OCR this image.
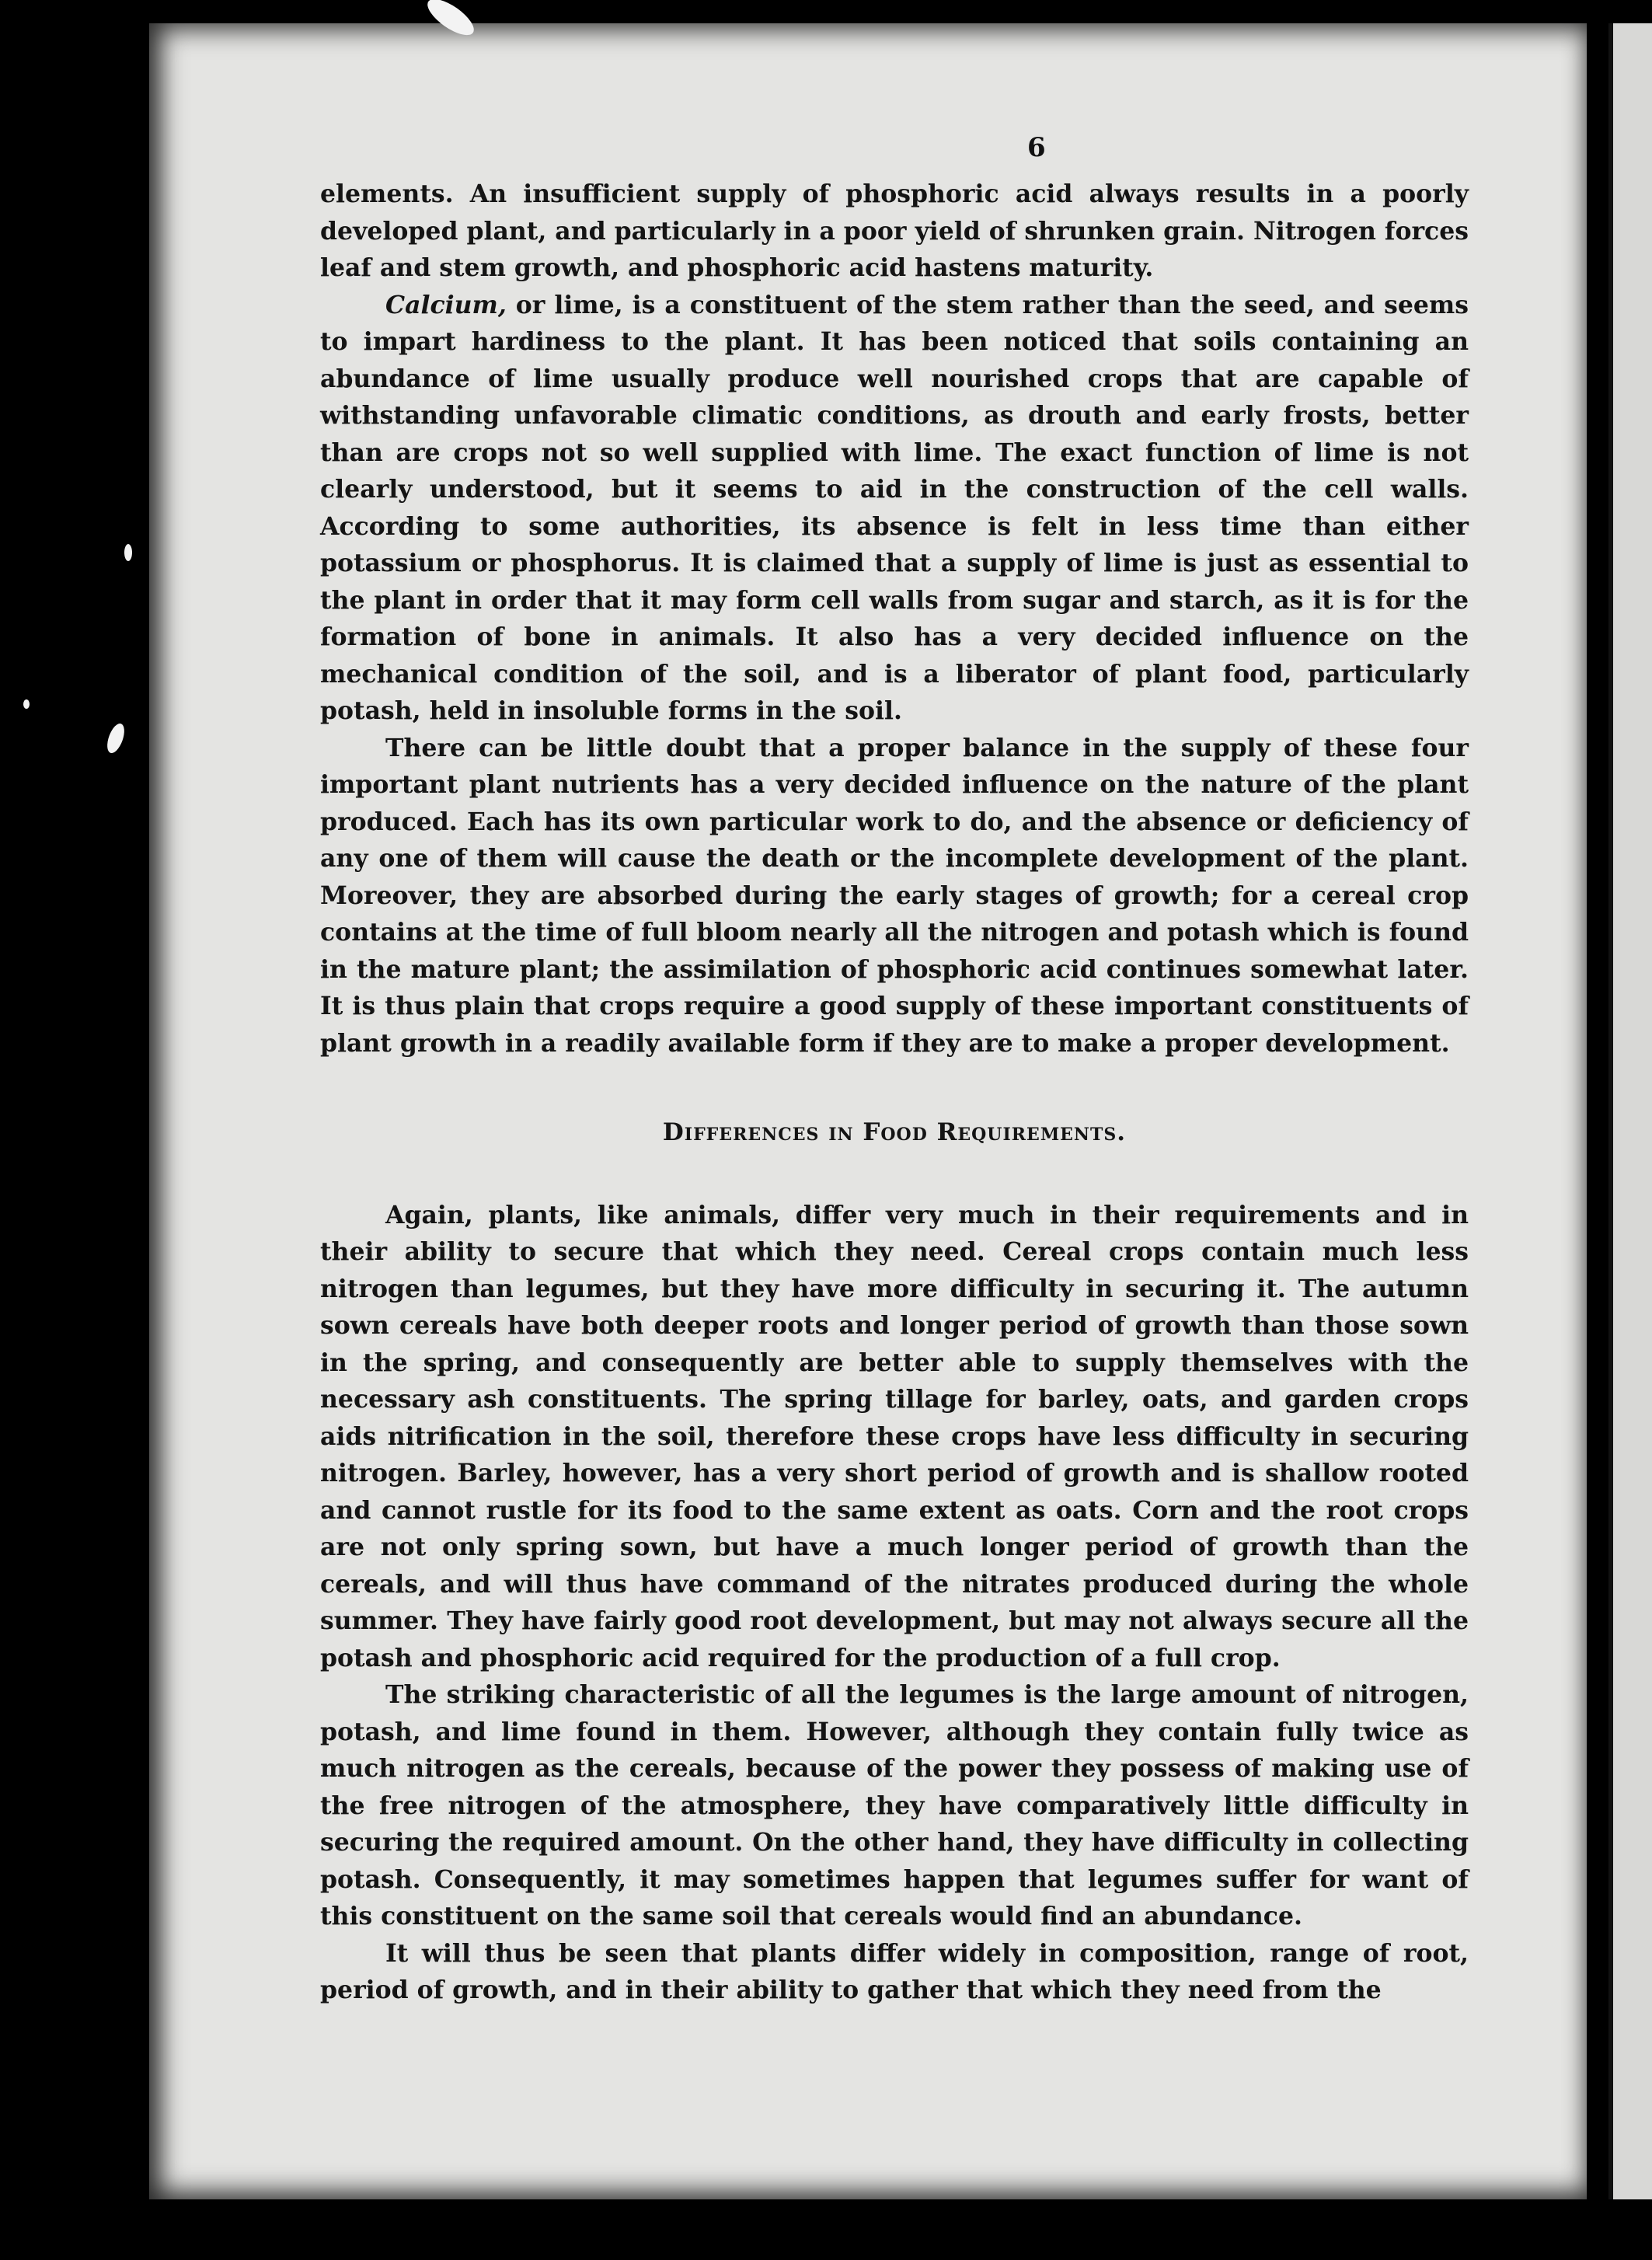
6

elements. An insufficient supply of phosphoric acid always results in a poorly developed plant, and particularly in a poor yield of shrunken grain. Nitrogen forces leaf and stem growth, and phosphoric acid hastens maturity.

Calcium, or lime, is a constituent of the stem rather than the seed, and seems to impart hardiness to the plant. It has been noticed that soils containing an abundance of lime usually produce well nourished crops that are capable of withstanding unfavorable climatic conditions, as drouth and early frosts, better than are crops not so well supplied with lime. The exact function of lime is not clearly understood, but it seems to aid in the construction of the cell walls. According to some authorities, its absence is felt in less time than either potassium or phosphorus. It is claimed that a supply of lime is just as essential to the plant in order that it may form cell walls from sugar and starch, as it is for the formation of bone in animals. It also has a very decided influence on the mechanical condition of the soil, and is a liberator of plant food, particularly potash, held in insoluble forms in the soil.

There can be little doubt that a proper balance in the supply of these four important plant nutrients has a very decided influence on the nature of the plant produced. Each has its own particular work to do, and the absence or deficiency of any one of them will cause the death or the incomplete development of the plant. Moreover, they are absorbed during the early stages of growth; for a cereal crop contains at the time of full bloom nearly all the nitrogen and potash which is found in the mature plant; the assimilation of phosphoric acid continues somewhat later. It is thus plain that crops require a good supply of these important constituents of plant growth in a readily available form if they are to make a proper development.

Differences in Food Requirements.

Again, plants, like animals, differ very much in their requirements and in their ability to secure that which they need. Cereal crops contain much less nitrogen than legumes, but they have more difficulty in securing it. The autumn sown cereals have both deeper roots and longer period of growth than those sown in the spring, and consequently are better able to supply themselves with the necessary ash constituents. The spring tillage for barley, oats, and garden crops aids nitrification in the soil, therefore these crops have less difficulty in securing nitrogen. Barley, however, has a very short period of growth and is shallow rooted and cannot rustle for its food to the same extent as oats. Corn and the root crops are not only spring sown, but have a much longer period of growth than the cereals, and will thus have command of the nitrates produced during the whole summer. They have fairly good root development, but may not always secure all the potash and phosphoric acid required for the production of a full crop.

The striking characteristic of all the legumes is the large amount of nitrogen, potash, and lime found in them. However, although they contain fully twice as much nitrogen as the cereals, because of the power they possess of making use of the free nitrogen of the atmosphere, they have comparatively little difficulty in securing the required amount. On the other hand, they have difficulty in collecting potash. Consequently, it may sometimes happen that legumes suffer for want of this constituent on the same soil that cereals would find an abundance.

It will thus be seen that plants differ widely in composition, range of root, period of growth, and in their ability to gather that which they need from the
